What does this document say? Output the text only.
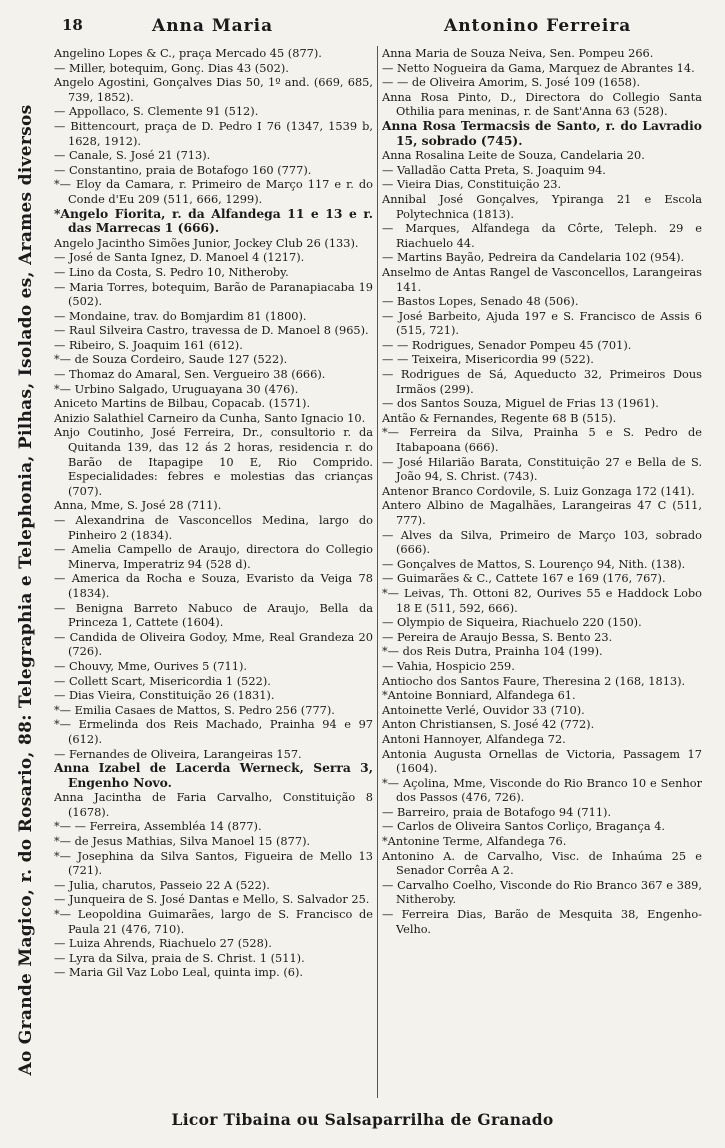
18	Anna Maria	Antonino Ferreira
Ao Grande Magico, r. do Rosario, 88: Telegraphia e Telephonia, Pilhas, Isolado es, Arames diversos

Angelino Lopes & C., praça Mercado 45 (877).

— Miller, botequim, Gonç. Dias 43 (502).

Angelo Agostini, Gonçalves Dias 50, 1º and. (669, 685, 739, 1852).

— Appollaco, S. Clemente 91 (512).

— Bittencourt, praça de D. Pedro I 76 (1347, 1539 b, 1628, 1912).

— Canale, S. José 21 (713).

— Constantino, praia de Botafogo 160 (777).

*— Eloy da Camara, r. Primeiro de Março 117 e r. do Conde d'Eu 209 (511, 666, 1299).

*Angelo Fiorita, r. da Alfandega 11 e 13 e r. das Marrecas 1 (666).

Angelo Jacintho Simões Junior, Jockey Club 26 (133).

— José de Santa Ignez, D. Manoel 4 (1217).

— Lino da Costa, S. Pedro 10, Nitheroby.

— Maria Torres, botequim, Barão de Paranapiacaba 19 (502).

— Mondaine, trav. do Bomjardim 81 (1800).

— Raul Silveira Castro, travessa de D. Manoel 8 (965).

— Ribeiro, S. Joaquim 161 (612).

*— de Souza Cordeiro, Saude 127 (522).

— Thomaz do Amaral, Sen. Vergueiro 38 (666).

*— Urbino Salgado, Uruguayana 30 (476).

Aniceto Martins de Bilbau, Copacab. (1571).

Anizio Salathiel Carneiro da Cunha, Santo Ignacio 10.

Anjo Coutinho, José Ferreira, Dr., consultorio r. da Quitanda 139, das 12 ás 2 horas, residencia r. do Barão de Itapagipe 10 E, Rio Comprido. Especialidades: febres e molestias das crianças (707).

Anna, Mme, S. José 28 (711).

— Alexandrina de Vasconcellos Medina, largo do Pinheiro 2 (1834).

— Amelia Campello de Araujo, directora do Collegio Minerva, Imperatriz 94 (528 d).

— America da Rocha e Souza, Evaristo da Veiga 78 (1834).

— Benigna Barreto Nabuco de Araujo, Bella da Princeza 1, Cattete (1604).

— Candida de Oliveira Godoy, Mme, Real Grandeza 20 (726).

— Chouvy, Mme, Ourives 5 (711).

— Collett Scart, Misericordia 1 (522).

— Dias Vieira, Constituição 26 (1831).

*— Emilia Casaes de Mattos, S. Pedro 256 (777).

*— Ermelinda dos Reis Machado, Prainha 94 e 97 (612).

— Fernandes de Oliveira, Larangeiras 157.

Anna Izabel de Lacerda Werneck, Serra 3, Engenho Novo.

Anna Jacintha de Faria Carvalho, Constituição 8 (1678).

*— — Ferreira, Assembléa 14 (877).

*— de Jesus Mathias, Silva Manoel 15 (877).

*— Josephina da Silva Santos, Figueira de Mello 13 (721).

— Julia, charutos, Passeio 22 A (522).

— Junqueira de S. José Dantas e Mello, S. Salvador 25.

*— Leopoldina Guimarães, largo de S. Francisco de Paula 21 (476, 710).

— Luiza Ahrends, Riachuelo 27 (528).

— Lyra da Silva, praia de S. Christ. 1 (511).

— Maria Gil Vaz Lobo Leal, quinta imp. (6).

Anna Maria de Souza Neiva, Sen. Pompeu 266.

— Netto Nogueira da Gama, Marquez de Abrantes 14.

— — de Oliveira Amorim, S. José 109 (1658).

Anna Rosa Pinto, D., Directora do Collegio Santa Othilia para meninas, r. de Sant'Anna 63 (528).

Anna Rosa Termacsis de Santo, r. do Lavradio 15, sobrado (745).

Anna Rosalina Leite de Souza, Candelaria 20.

— Valladão Catta Preta, S. Joaquim 94.

— Vieira Dias, Constituição 23.

Annibal José Gonçalves, Ypiranga 21 e Escola Polytechnica (1813).

— Marques, Alfandega da Côrte, Teleph. 29 e Riachuelo 44.

— Martins Bayão, Pedreira da Candelaria 102 (954).

Anselmo de Antas Rangel de Vasconcellos, Larangeiras 141.

— Bastos Lopes, Senado 48 (506).

— José Barbeito, Ajuda 197 e S. Francisco de Assis 6 (515, 721).

— — Rodrigues, Senador Pompeu 45 (701).

— — Teixeira, Misericordia 99 (522).

— Rodrigues de Sá, Aqueducto 32, Primeiros Dous Irmãos (299).

— dos Santos Souza, Miguel de Frias 13 (1961).

Antão & Fernandes, Regente 68 B (515).

*— Ferreira da Silva, Prainha 5 e S. Pedro de Itabapoana (666).

— José Hilarião Barata, Constituição 27 e Bella de S. João 94, S. Christ. (743).

Antenor Branco Cordovile, S. Luiz Gonzaga 172 (141).

Antero Albino de Magalhães, Larangeiras 47 C (511, 777).

— Alves da Silva, Primeiro de Março 103, sobrado (666).

— Gonçalves de Mattos, S. Lourenço 94, Nith. (138).

— Guimarães & C., Cattete 167 e 169 (176, 767).

*— Leivas, Th. Ottoni 82, Ourives 55 e Haddock Lobo 18 E (511, 592, 666).

— Olympio de Siqueira, Riachuelo 220 (150).

— Pereira de Araujo Bessa, S. Bento 23.

*— dos Reis Dutra, Prainha 104 (199).

— Vahia, Hospicio 259.

Antiocho dos Santos Faure, Theresina 2 (168, 1813).

*Antoine Bonniard, Alfandega 61.

Antoinette Verlé, Ouvidor 33 (710).

Anton Christiansen, S. José 42 (772).

Antoni Hannoyer, Alfandega 72.

Antonia Augusta Ornellas de Victoria, Passagem 17 (1604).

*— Açolina, Mme, Visconde do Rio Branco 10 e Senhor dos Passos (476, 726).

— Barreiro, praia de Botafogo 94 (711).

— Carlos de Oliveira Santos Corliço, Bragança 4.

*Antonine Terme, Alfandega 76.

Antonino A. de Carvalho, Visc. de Inhaúma 25 e Senador Corrêa A 2.

— Carvalho Coelho, Visconde do Rio Branco 367 e 389, Nitheroby.

— Ferreira Dias, Barão de Mesquita 38, Engenho-Velho.

Licor Tibaina ou Salsaparrilha de Granado
